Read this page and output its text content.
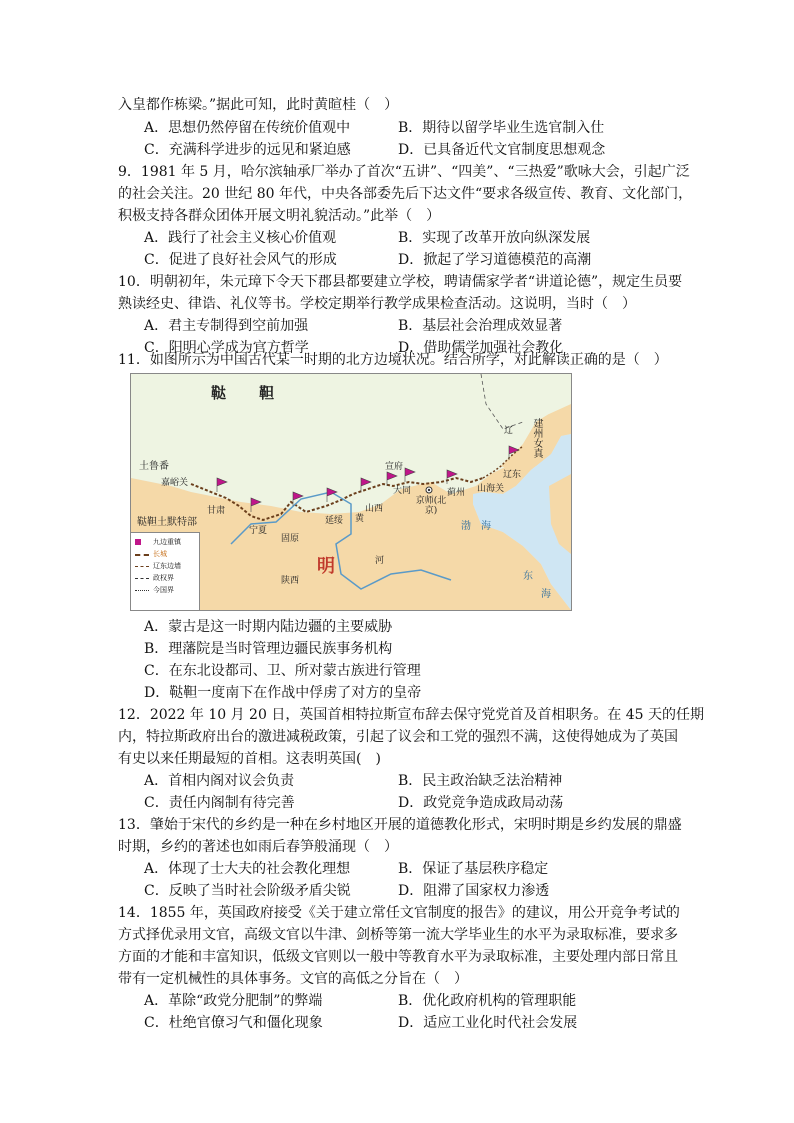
入皇都作栋梁。”据此可知，此时黄暄桂（　）
A．思想仍然停留在传统价值观中	B．期待以留学毕业生选官制入仕
C．充满科学进步的远见和紧迫感	D．已具备近代文官制度思想观念
9．1981 年 5 月，哈尔滨轴承厂举办了首次“五讲”、“四美”、“三热爱”歌咏大会，引起广泛
的社会关注。20 世纪 80 年代，中央各部委先后下达文件“要求各级宣传、教育、文化部门，
积极支持各群众团体开展文明礼貌活动。”此举（　）
A．践行了社会主义核心价值观	B．实现了改革开放向纵深发展
C．促进了良好社会风气的形成	D．掀起了学习道德模范的高潮
10．明朝初年，朱元璋下令天下郡县都要建立学校，聘请儒家学者“讲道论德”，规定生员要
熟读经史、律诰、礼仪等书。学校定期举行教学成果检查活动。这说明，当时（　）
A．君主专制得到空前加强	B．基层社会治理成效显著
C．阳明心学成为官方哲学	D．借助儒学加强社会教化
11．如图所示为中国古代某一时期的北方边境状况。结合所学，对此解读正确的是（　）
鞑　　靼
土鲁番
鞑靼土默特部
明
建州女真
辽
辽东
嘉峪关
甘肃
宁夏
固原
延绥
山西
大同
宣府
京师(北京)
蓟州 山海关
陕西
渤　海
东
海
河
黄
九边重镇
长城
辽东边墙
政权界
今国界
A．蒙古是这一时期内陆边疆的主要威胁
B．理藩院是当时管理边疆民族事务机构
C．在东北设都司、卫、所对蒙古族进行管理
D．鞑靼一度南下在作战中俘虏了对方的皇帝
12．2022 年 10 月 20 日，英国首相特拉斯宣布辞去保守党党首及首相职务。在 45 天的任期
内，特拉斯政府出台的激进减税政策，引起了议会和工党的强烈不满，这使得她成为了英国
有史以来任期最短的首相。这表明英国(　)
A．首相内阁对议会负责	B．民主政治缺乏法治精神
C．责任内阁制有待完善	D．政党竞争造成政局动荡
13．肇始于宋代的乡约是一种在乡村地区开展的道德教化形式，宋明时期是乡约发展的鼎盛
时期，乡约的著述也如雨后春笋般涌现（　）
A．体现了士大夫的社会教化理想	B．保证了基层秩序稳定
C．反映了当时社会阶级矛盾尖锐	D．阻滞了国家权力渗透
14．1855 年，英国政府接受《关于建立常任文官制度的报告》的建议，用公开竞争考试的
方式择优录用文官，高级文官以牛津、剑桥等第一流大学毕业生的水平为录取标准，要求多
方面的才能和丰富知识，低级文官则以一般中等教育水平为录取标准，主要处理内部日常且
带有一定机械性的具体事务。文官的高低之分旨在（　）
A．革除“政党分肥制”的弊端	B．优化政府机构的管理职能
C．杜绝官僚习气和僵化现象	D．适应工业化时代社会发展
